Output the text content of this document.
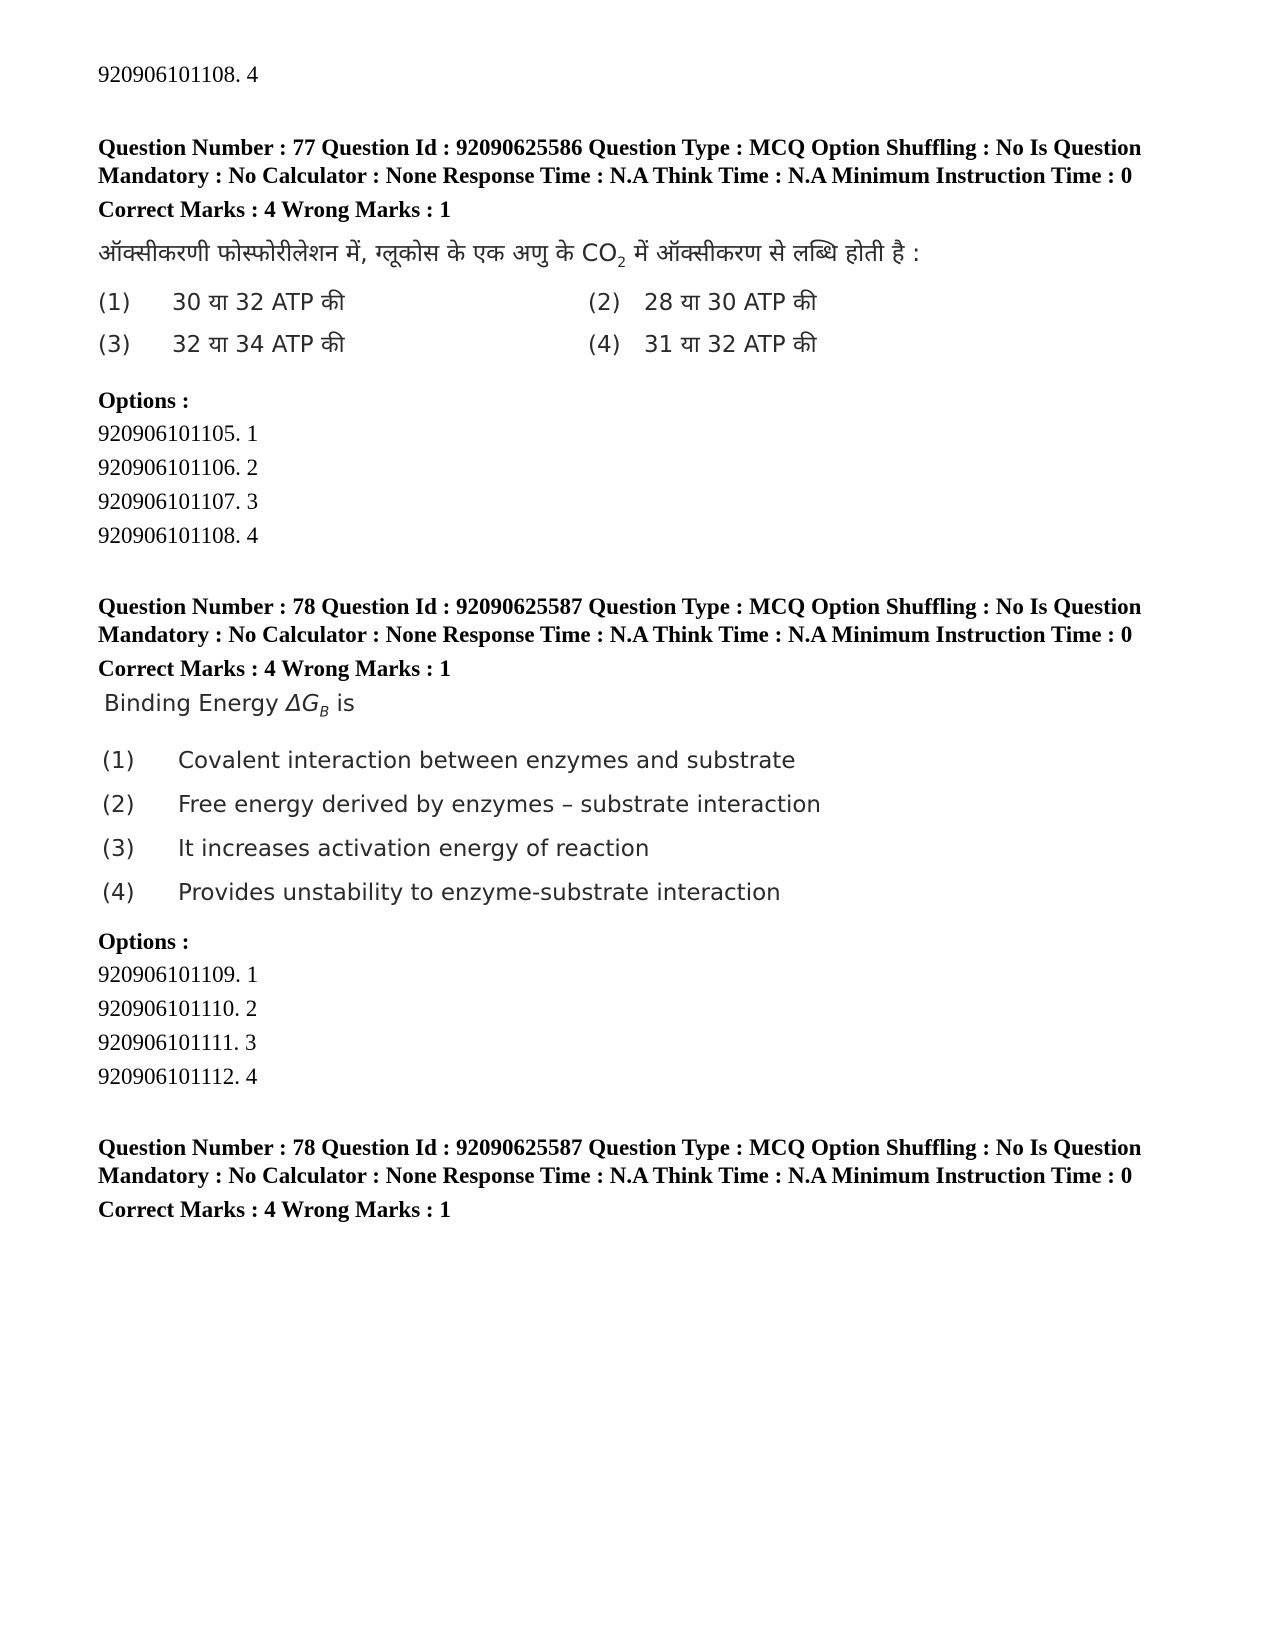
920906101108. 4

Question Number : 77 Question Id : 92090625586 Question Type : MCQ Option Shuffling : No Is Question Mandatory : No Calculator : None Response Time : N.A Think Time : N.A Minimum Instruction Time : 0

Correct Marks : 4 Wrong Marks : 1

ऑक्सीकरणी फोस्फोरीलेशन में, ग्लूकोस के एक अणु के $CO_2$ में ऑक्सीकरण से लब्धि होती है :

(1)	30 या 32 ATP की	(2)	28 या 30 ATP की
(3)	32 या 34 ATP की	(4)	31 या 32 ATP की

Options :

920906101105. 1

920906101106. 2

920906101107. 3

920906101108. 4

Question Number : 78 Question Id : 92090625587 Question Type : MCQ Option Shuffling : No Is Question Mandatory : No Calculator : None Response Time : N.A Think Time : N.A Minimum Instruction Time : 0

Correct Marks : 4 Wrong Marks : 1

Binding Energy $\Delta G_B$ is

(1)	Covalent interaction between enzymes and substrate
(2)	Free energy derived by enzymes – substrate interaction
(3)	It increases activation energy of reaction
(4)	Provides unstability to enzyme-substrate interaction

Options :

920906101109. 1

920906101110. 2

920906101111. 3

920906101112. 4

Question Number : 78 Question Id : 92090625587 Question Type : MCQ Option Shuffling : No Is Question Mandatory : No Calculator : None Response Time : N.A Think Time : N.A Minimum Instruction Time : 0

Correct Marks : 4 Wrong Marks : 1
